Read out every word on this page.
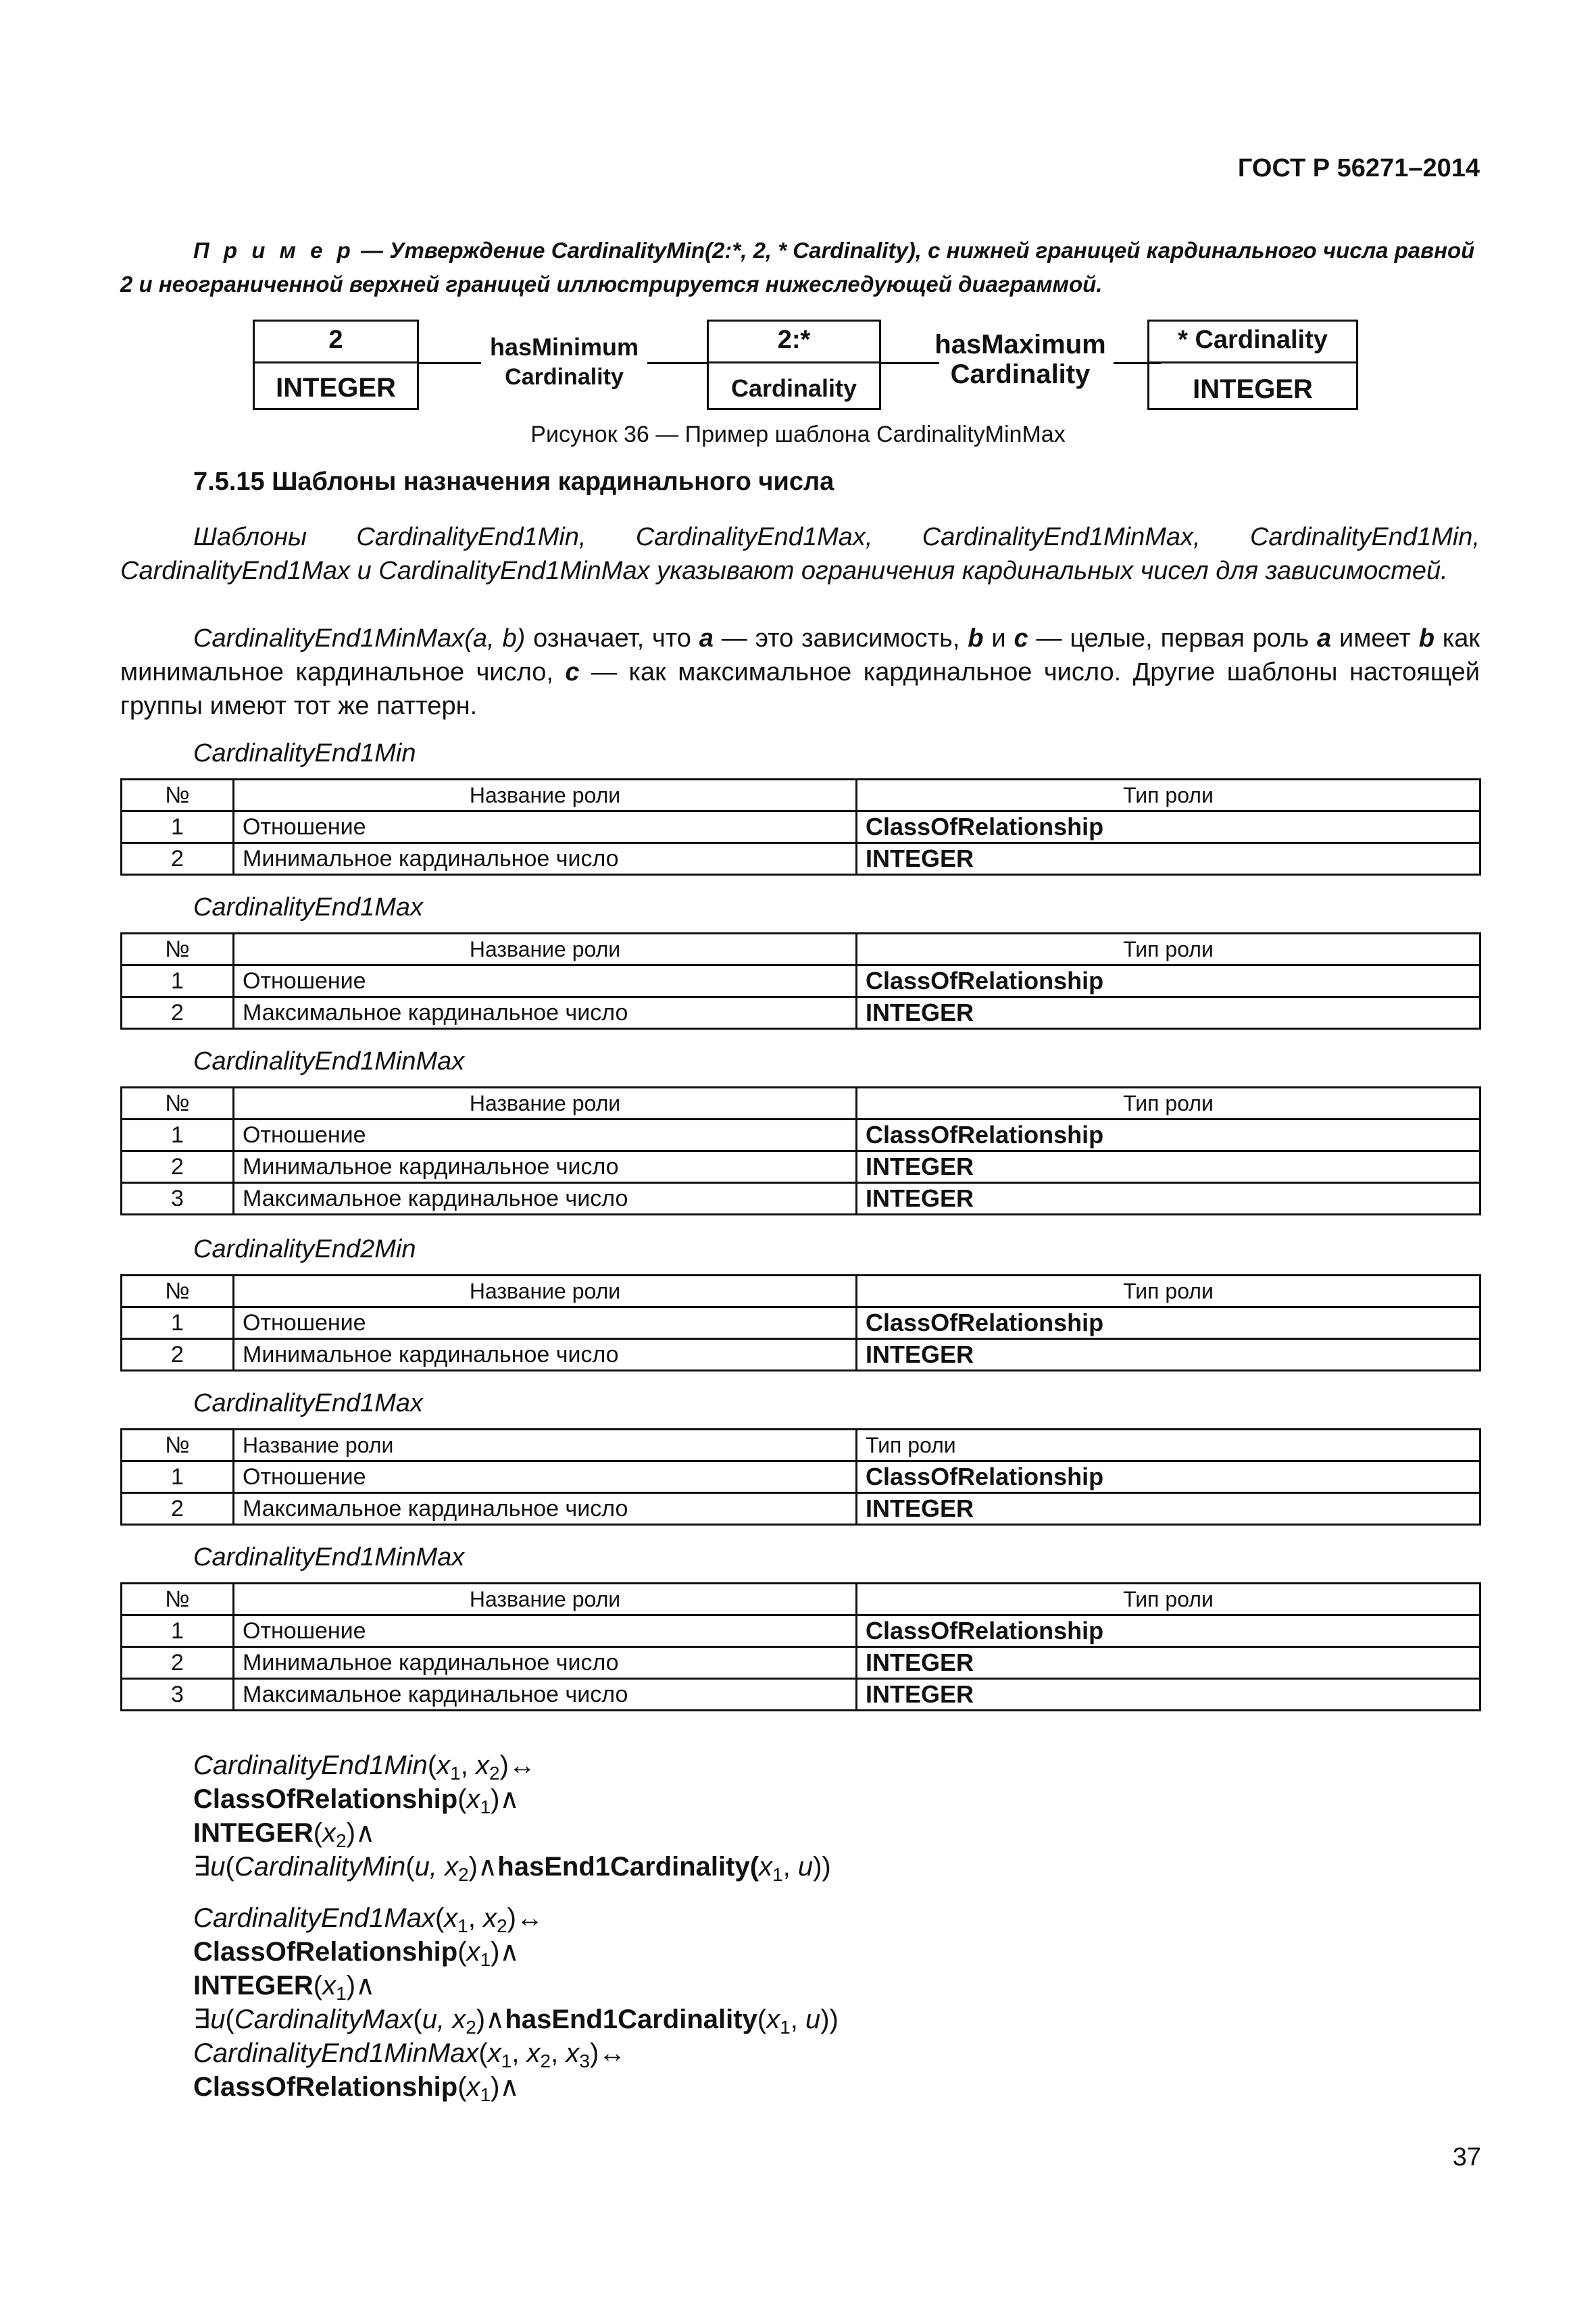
ГОСТ Р 56271–2014
П р и м е р — Утверждение CardinalityMin(2:*, 2, * Cardinality), с нижней границей кардинального числа равной 2 и неограниченной верхней границей иллюстрируется нижеследующей диаграммой.
2
INTEGER
hasMinimum
Cardinality
2:*
Cardinality
hasMaximum
Cardinality
* Cardinality
INTEGER
Рисунок 36 — Пример шаблона CardinalityMinMax
7.5.15 Шаблоны назначения кардинального числа
Шаблоны CardinalityEnd1Min, CardinalityEnd1Max, CardinalityEnd1MinMax, CardinalityEnd1Min, CardinalityEnd1Max и CardinalityEnd1MinMax указывают ограничения кардинальных чисел для зависимостей.
CardinalityEnd1MinMax(a, b) означает, что a — это зависимость, b и c — целые, первая роль a имеет b как минимальное кардинальное число, c — как максимальное кардинальное число. Другие шаблоны настоящей группы имеют тот же паттерн.
CardinalityEnd1Min
№	Название роли	Тип роли
1	Отношение	ClassOfRelationship
2	Минимальное кардинальное число	INTEGER
CardinalityEnd1Max
№	Название роли	Тип роли
1	Отношение	ClassOfRelationship
2	Максимальное кардинальное число	INTEGER
CardinalityEnd1MinMax
№	Название роли	Тип роли
1	Отношение	ClassOfRelationship
2	Минимальное кардинальное число	INTEGER
3	Максимальное кардинальное число	INTEGER
CardinalityEnd2Min
№	Название роли	Тип роли
1	Отношение	ClassOfRelationship
2	Минимальное кардинальное число	INTEGER
CardinalityEnd1Max
№	Название роли	Тип роли
1	Отношение	ClassOfRelationship
2	Максимальное кардинальное число	INTEGER
CardinalityEnd1MinMax
№	Название роли	Тип роли
1	Отношение	ClassOfRelationship
2	Минимальное кардинальное число	INTEGER
3	Максимальное кардинальное число	INTEGER
$CardinalityEnd1Min(x_1$, $x_2)\leftrightarrow$
$ClassOfRelationship(x_1)\wedge$
$INTEGER(x_2)\wedge$
∃u(CardinalityMin(u, $x_2)\wedge hasEnd1Cardinality(x_1$, u))
$CardinalityEnd1Max(x_1$, $x_2)\leftrightarrow$
$ClassOfRelationship(x_1)\wedge$
$INTEGER(x_1)\wedge$
∃u(CardinalityMax(u, $x_2)\wedge hasEnd1Cardinality(x_1$, u))
$CardinalityEnd1MinMax(x_1$, $x_2$, $x_3)\leftrightarrow$
$ClassOfRelationship(x_1)\wedge$
37
